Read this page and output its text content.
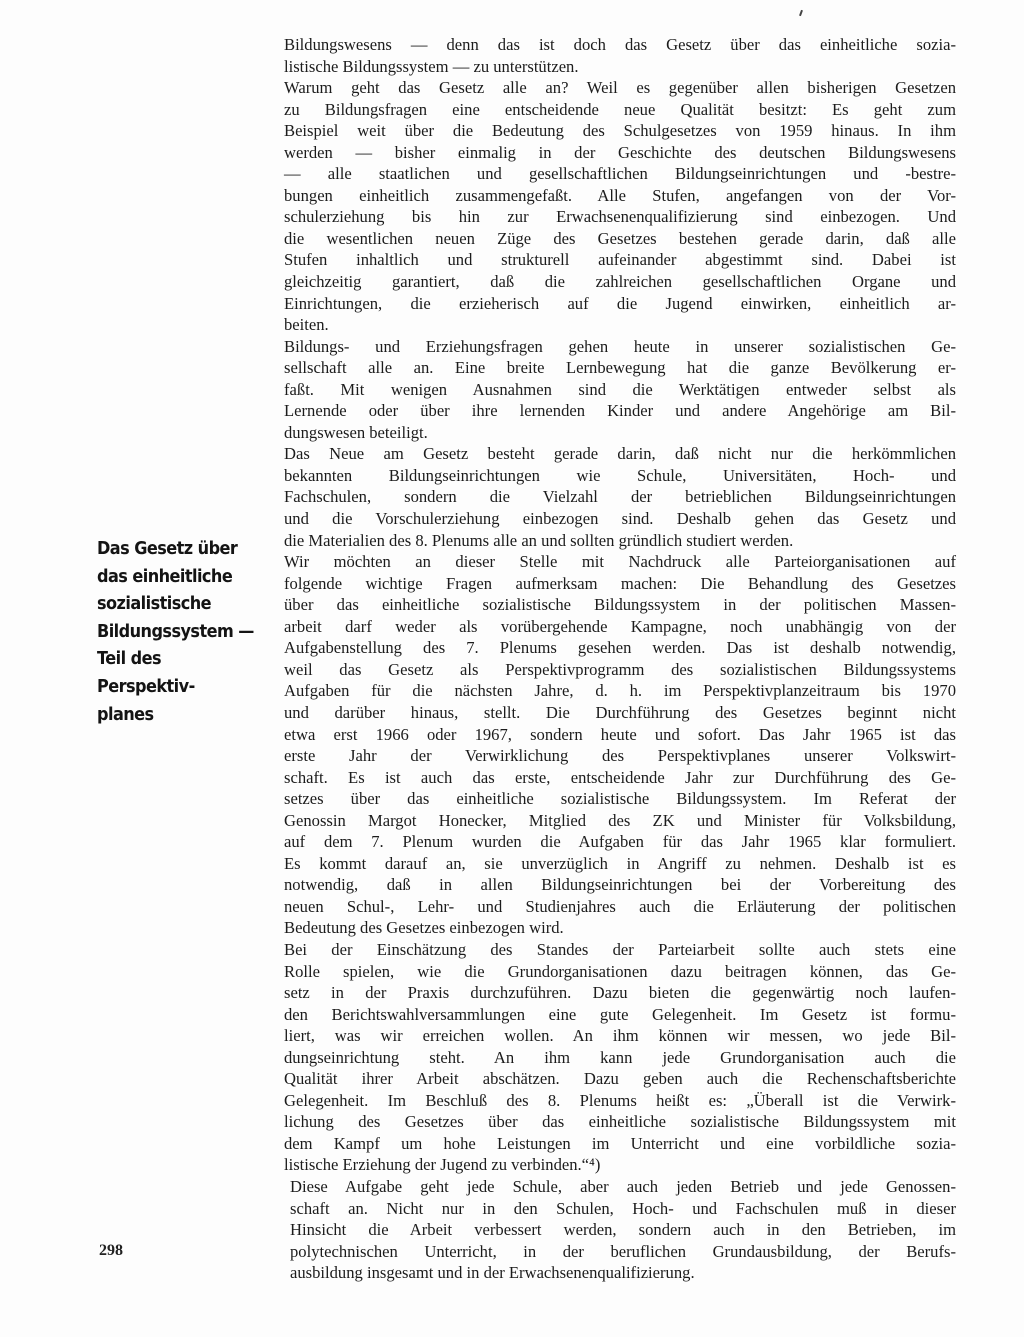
Das Gesetz über
das einheitliche
sozialistische
Bildungssystem —
Teil des
Perspektiv-
planes

Bildungswesens — denn das ist doch das Gesetz über das einheitliche sozia-
listische Bildungssystem — zu unterstützen.

Warum geht das Gesetz alle an? Weil es gegenüber allen bisherigen Gesetzen
zu Bildungsfragen eine entscheidende neue Qualität besitzt: Es geht zum
Beispiel weit über die Bedeutung des Schulgesetzes von 1959 hinaus. In ihm
werden — bisher einmalig in der Geschichte des deutschen Bildungswesens
— alle staatlichen und gesellschaftlichen Bildungseinrichtungen und -bestre-
bungen einheitlich zusammengefaßt. Alle Stufen, angefangen von der Vor-
schulerziehung bis hin zur Erwachsenenqualifizierung sind einbezogen. Und
die wesentlichen neuen Züge des Gesetzes bestehen gerade darin, daß alle
Stufen inhaltlich und strukturell aufeinander abgestimmt sind. Dabei ist
gleichzeitig garantiert, daß die zahlreichen gesellschaftlichen Organe und
Einrichtungen, die erzieherisch auf die Jugend einwirken, einheitlich ar-
beiten.

Bildungs- und Erziehungsfragen gehen heute in unserer sozialistischen Ge-
sellschaft alle an. Eine breite Lernbewegung hat die ganze Bevölkerung er-
faßt. Mit wenigen Ausnahmen sind die Werktätigen entweder selbst als
Lernende oder über ihre lernenden Kinder und andere Angehörige am Bil-
dungswesen beteiligt.

Das Neue am Gesetz besteht gerade darin, daß nicht nur die herkömmlichen
bekannten Bildungseinrichtungen wie Schule, Universitäten, Hoch- und
Fachschulen, sondern die Vielzahl der betrieblichen Bildungseinrichtungen
und die Vorschulerziehung einbezogen sind. Deshalb gehen das Gesetz und
die Materialien des 8. Plenums alle an und sollten gründlich studiert werden.

Wir möchten an dieser Stelle mit Nachdruck alle Parteiorganisationen auf
folgende wichtige Fragen aufmerksam machen: Die Behandlung des Gesetzes
über das einheitliche sozialistische Bildungssystem in der politischen Massen-
arbeit darf weder als vorübergehende Kampagne, noch unabhängig von der
Aufgabenstellung des 7. Plenums gesehen werden. Das ist deshalb notwendig,
weil das Gesetz als Perspektivprogramm des sozialistischen Bildungssystems
Aufgaben für die nächsten Jahre, d. h. im Perspektivplanzeitraum bis 1970
und darüber hinaus, stellt. Die Durchführung des Gesetzes beginnt nicht
etwa erst 1966 oder 1967, sondern heute und sofort. Das Jahr 1965 ist das
erste Jahr der Verwirklichung des Perspektivplanes unserer Volkswirt-
schaft. Es ist auch das erste, entscheidende Jahr zur Durchführung des Ge-
setzes über das einheitliche sozialistische Bildungssystem. Im Referat der
Genossin Margot Honecker, Mitglied des ZK und Minister für Volksbildung,
auf dem 7. Plenum wurden die Aufgaben für das Jahr 1965 klar formuliert.
Es kommt darauf an, sie unverzüglich in Angriff zu nehmen. Deshalb ist es
notwendig, daß in allen Bildungseinrichtungen bei der Vorbereitung des
neuen Schul-, Lehr- und Studienjahres auch die Erläuterung der politischen
Bedeutung des Gesetzes einbezogen wird.

Bei der Einschätzung des Standes der Parteiarbeit sollte auch stets eine
Rolle spielen, wie die Grundorganisationen dazu beitragen können, das Ge-
setz in der Praxis durchzuführen. Dazu bieten die gegenwärtig noch laufen-
den Berichtswahlversammlungen eine gute Gelegenheit. Im Gesetz ist formu-
liert, was wir erreichen wollen. An ihm können wir messen, wo jede Bil-
dungseinrichtung steht. An ihm kann jede Grundorganisation auch die
Qualität ihrer Arbeit abschätzen. Dazu geben auch die Rechenschaftsberichte
Gelegenheit. Im Beschluß des 8. Plenums heißt es: „Überall ist die Verwirk-
lichung des Gesetzes über das einheitliche sozialistische Bildungssystem mit
dem Kampf um hohe Leistungen im Unterricht und eine vorbildliche sozia-
listische Erziehung der Jugend zu verbinden.“⁴)

Diese Aufgabe geht jede Schule, aber auch jeden Betrieb und jede Genossen-
schaft an. Nicht nur in den Schulen, Hoch- und Fachschulen muß in dieser
Hinsicht die Arbeit verbessert werden, sondern auch in den Betrieben, im
polytechnischen Unterricht, in der beruflichen Grundausbildung, der Berufs-
ausbildung insgesamt und in der Erwachsenenqualifizierung.

298
